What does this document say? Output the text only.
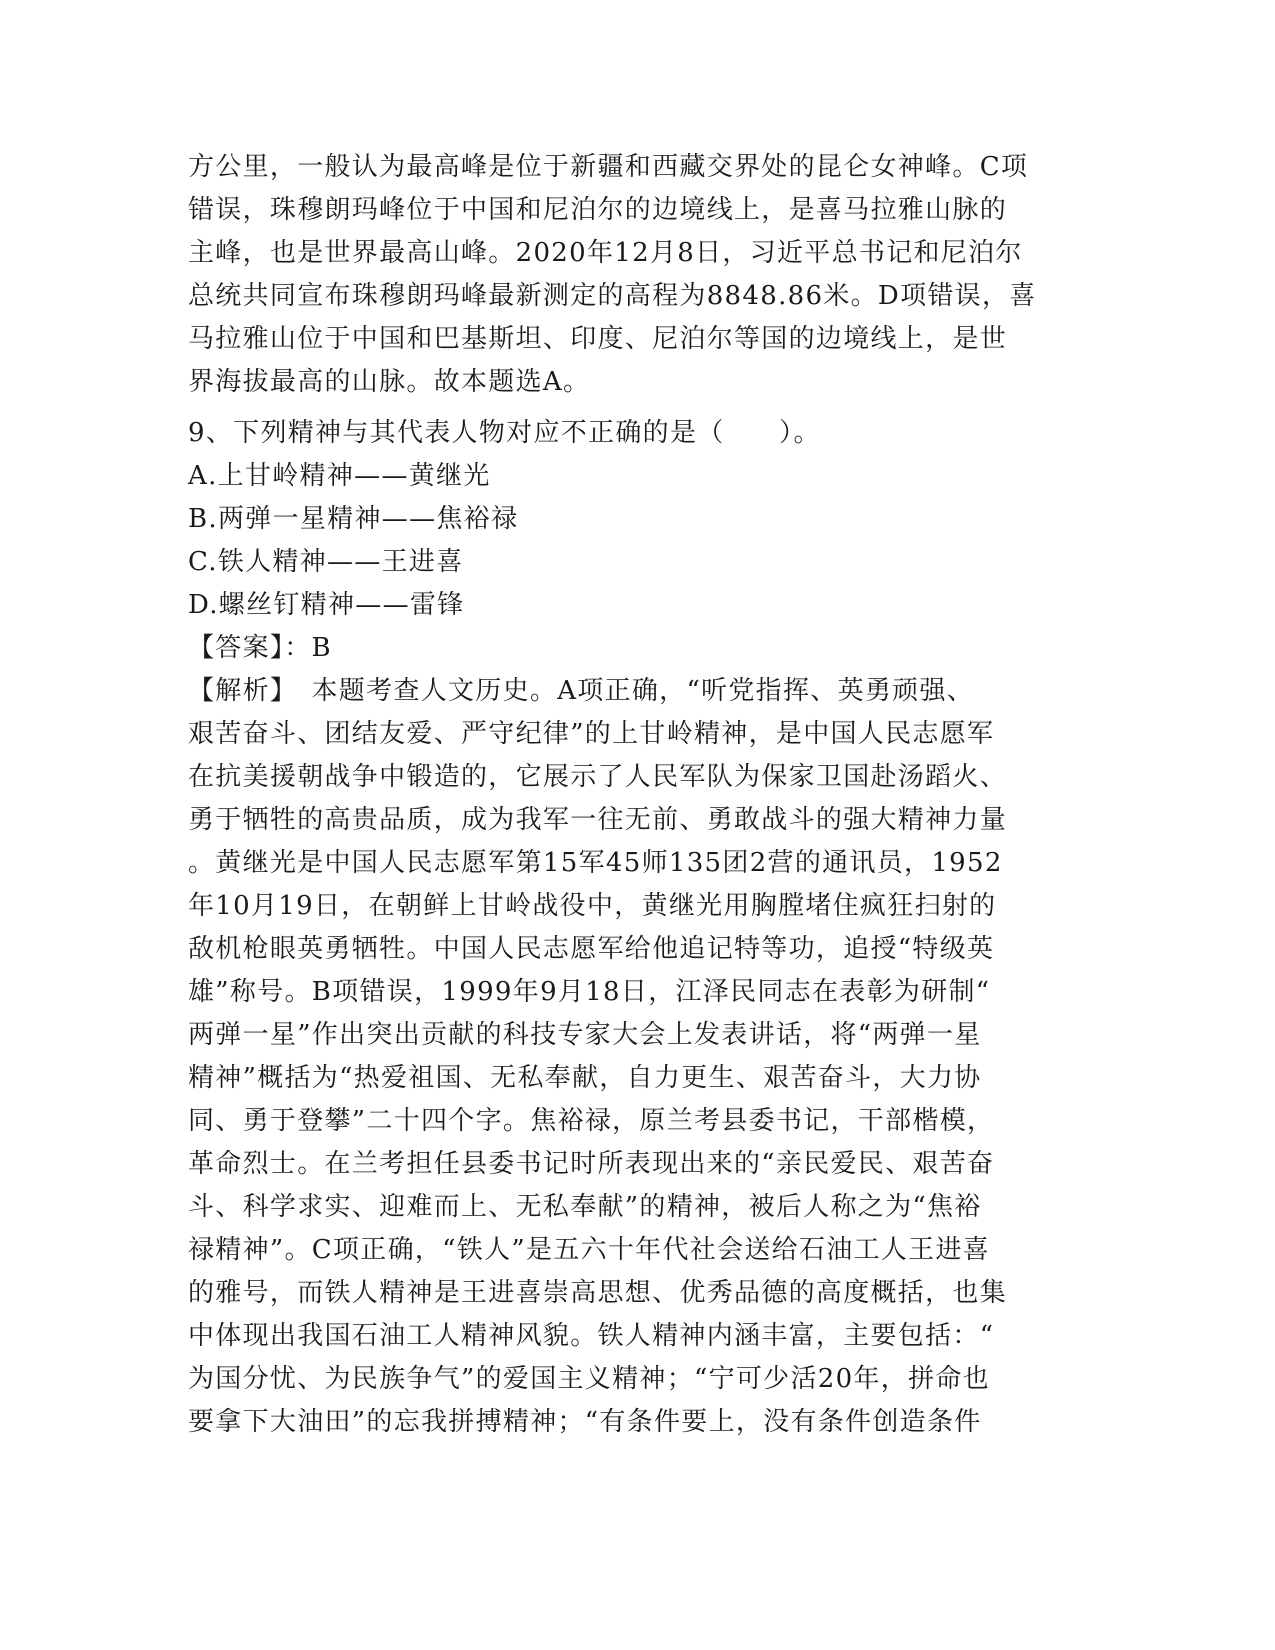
方公里，一般认为最高峰是位于新疆和西藏交界处的昆仑女神峰。C项
错误，珠穆朗玛峰位于中国和尼泊尔的边境线上，是喜马拉雅山脉的
主峰，也是世界最高山峰。2020年12月8日，习近平总书记和尼泊尔
总统共同宣布珠穆朗玛峰最新测定的高程为8848.86米。D项错误，喜
马拉雅山位于中国和巴基斯坦、印度、尼泊尔等国的边境线上，是世
界海拔最高的山脉。故本题选A。
9、下列精神与其代表人物对应不正确的是（　　）。
A.上甘岭精神——黄继光
B.两弹一星精神——焦裕禄
C.铁人精神——王进喜
D.螺丝钉精神——雷锋
【答案】：B
【解析】　本题考查人文历史。A项正确，“听党指挥、英勇顽强、
艰苦奋斗、团结友爱、严守纪律”的上甘岭精神，是中国人民志愿军
在抗美援朝战争中锻造的，它展示了人民军队为保家卫国赴汤蹈火、
勇于牺牲的高贵品质，成为我军一往无前、勇敢战斗的强大精神力量
。黄继光是中国人民志愿军第15军45师135团2营的通讯员，1952
年10月19日，在朝鲜上甘岭战役中，黄继光用胸膛堵住疯狂扫射的
敌机枪眼英勇牺牲。中国人民志愿军给他追记特等功，追授“特级英
雄”称号。B项错误，1999年9月18日，江泽民同志在表彰为研制“
两弹一星”作出突出贡献的科技专家大会上发表讲话，将“两弹一星
精神”概括为“热爱祖国、无私奉献，自力更生、艰苦奋斗，大力协
同、勇于登攀”二十四个字。焦裕禄，原兰考县委书记，干部楷模，
革命烈士。在兰考担任县委书记时所表现出来的“亲民爱民、艰苦奋
斗、科学求实、迎难而上、无私奉献”的精神，被后人称之为“焦裕
禄精神”。C项正确，“铁人”是五六十年代社会送给石油工人王进喜
的雅号，而铁人精神是王进喜崇高思想、优秀品德的高度概括，也集
中体现出我国石油工人精神风貌。铁人精神内涵丰富，主要包括：“
为国分忧、为民族争气”的爱国主义精神；“宁可少活20年，拼命也
要拿下大油田”的忘我拼搏精神；“有条件要上，没有条件创造条件
